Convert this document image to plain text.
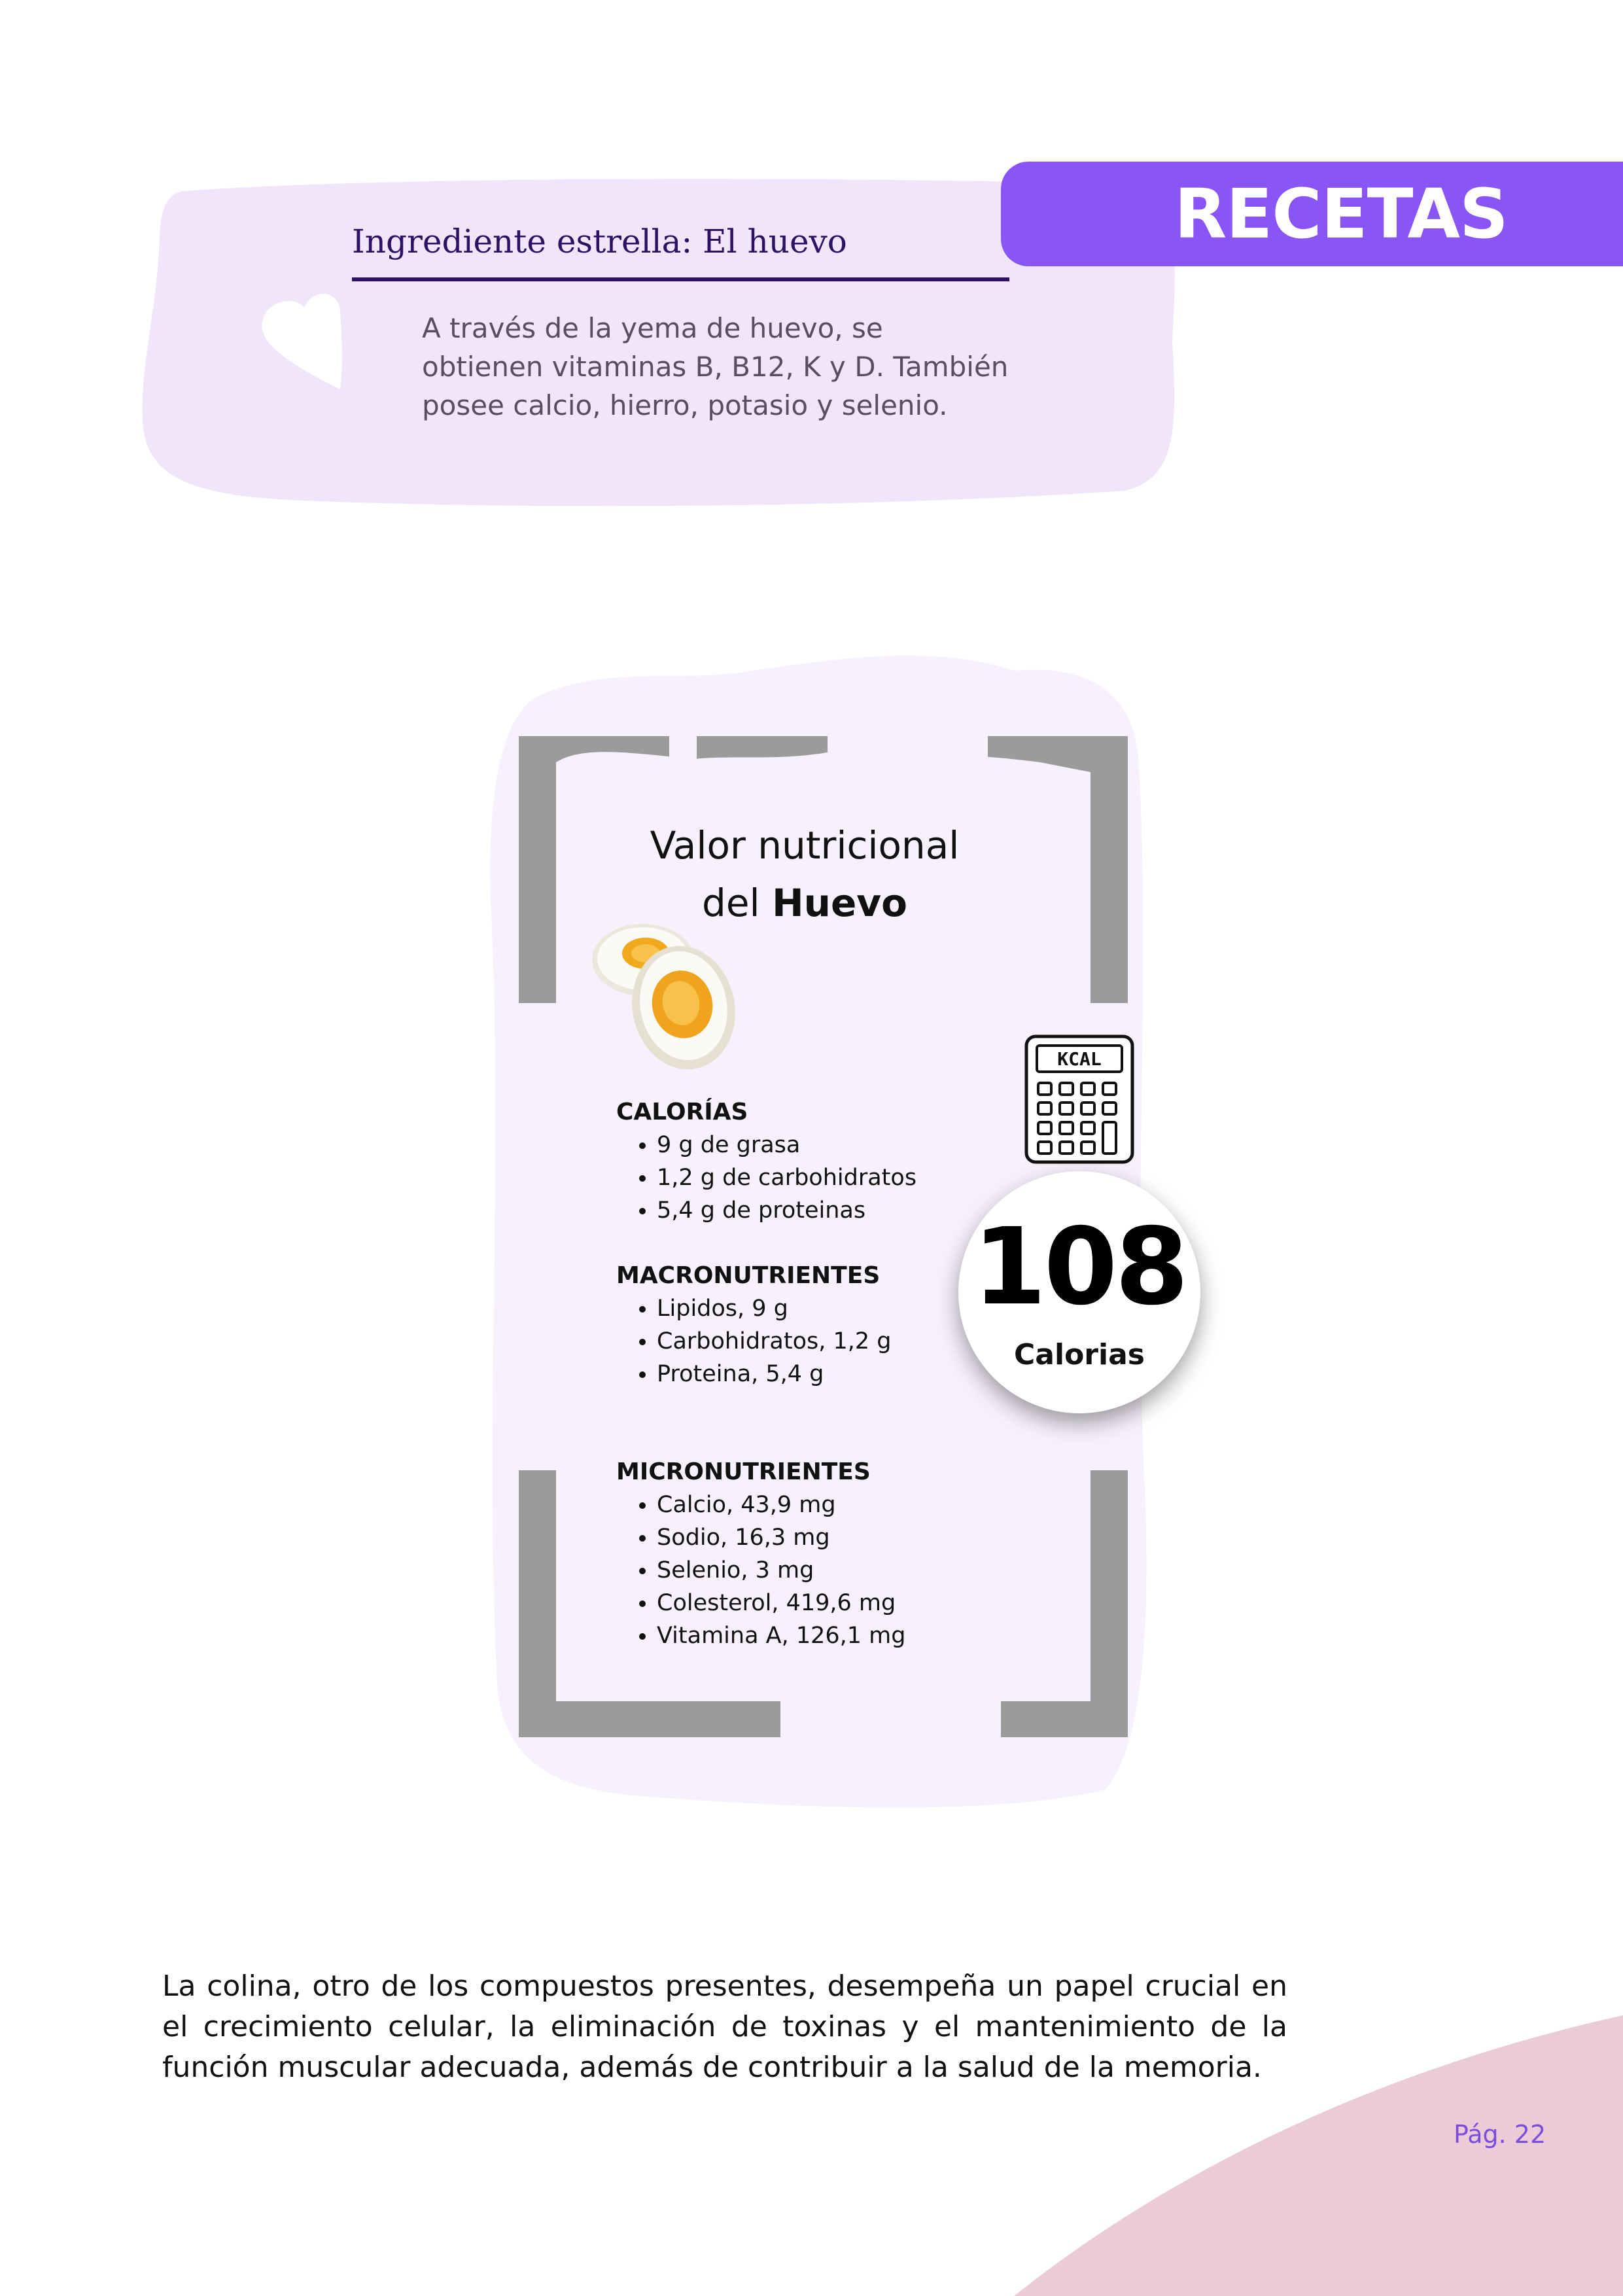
Ingrediente estrella: El huevo
A través de la yema de huevo, se obtienen vitaminas B, B12, K y D. También posee calcio, hierro, potasio y selenio.
RECETAS
Valor nutricional
del Huevo
KCAL
CALORÍAS
• 9 g de grasa
• 1,2 g de carbohidratos
• 5,4 g de proteinas
MACRONUTRIENTES
• Lipidos, 9 g
• Carbohidratos, 1,2 g
• Proteina, 5,4 g
MICRONUTRIENTES
• Calcio, 43,9 mg
• Sodio, 16,3 mg
• Selenio, 3 mg
• Colesterol, 419,6 mg
• Vitamina A, 126,1 mg
108
Calorias
La colina, otro de los compuestos presentes, desempeña un papel crucial en el crecimiento celular, la eliminación de toxinas y el mantenimiento de la función muscular adecuada, además de contribuir a la salud de la memoria.
Pág. 22
